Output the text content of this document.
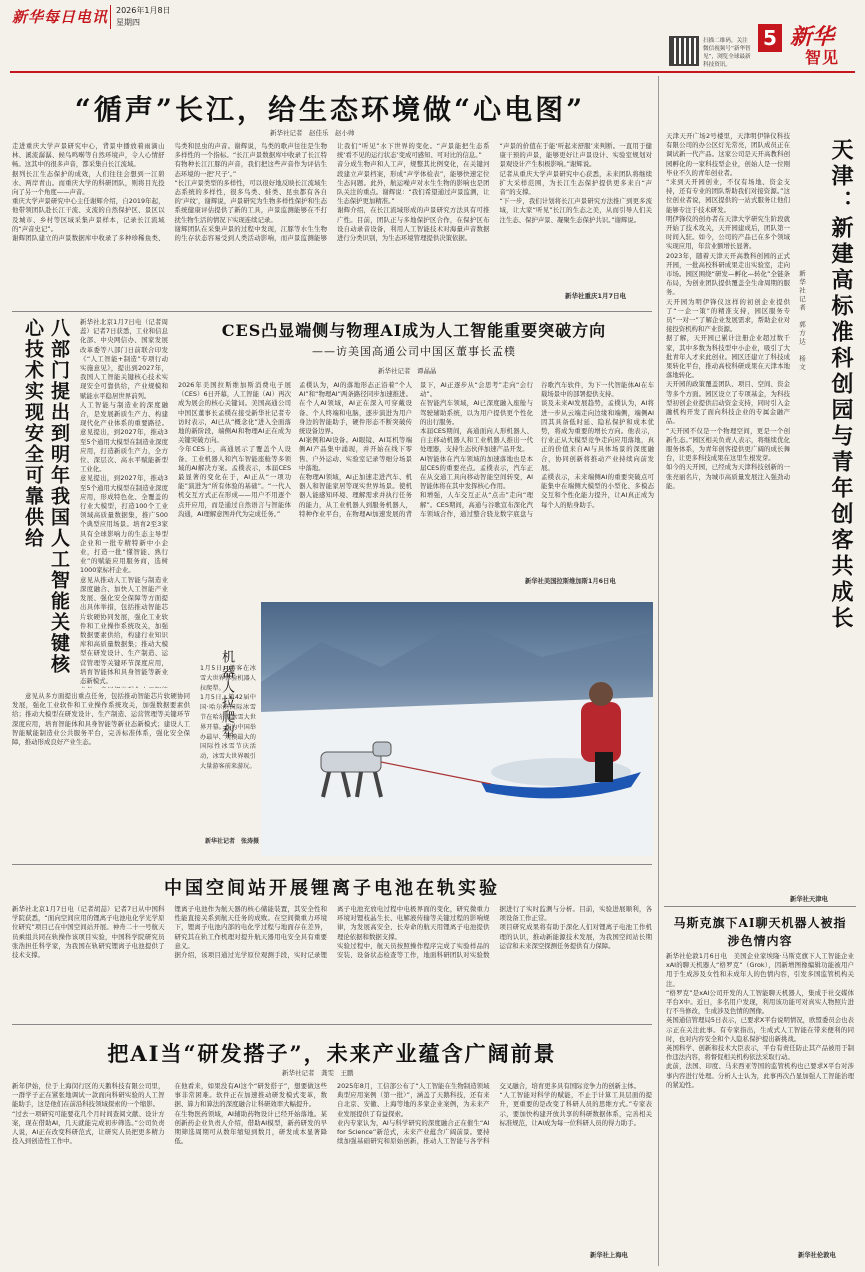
新华每日电讯 2026年1月8日
星期四
5 新华
智见
扫描二维码，关注微信视频号“新华智见”，浏览全球最新科技资讯。
“循声”长江，给生态环境做“心电图”
新华社记者　赵佳乐　赵小帅
走进重庆大学声景研究中心，背景中播放着雨滴山林、溪流潺潺、候鸟鸣啭等自然环境声，令人心情舒畅。这其中的很多声音，都采集自长江流域。
据列长江生态保护的成效，人们往往会想到一江碧水、两岸青山。而重庆大学的科研团队，则将目光投向了另一个角度——声音。
重庆大学声景研究中心主任谢辉介绍，自2019年起，他带领团队赴长江干流、支流的自然保护区、景区以及城市、乡村等区域采集声景样本，记录长江流域的“声音史记”。
谢辉团队建立的声景数据库中收录了多种珍稀鱼类、鸟类和昆虫的声音。谢辉说，鸟类的歌声往往是生物多样性的一个指标。“长江声景数据库中收录了长江特有物种长江江豚的声音，我们把这些声音作为评估生态环境的一把‘尺子’。”
“长江声景类型的多样性，可以很好地反映长江流域生态系统的多样性，很多鸟类、蛙类、昆虫都有各自的‘声纹’，谢辉说，声景研究为生物多样性保护和生态系统健康评估提供了新的工具，声景监测能够在不打扰生物生活的情况下实现连续记录。
谢辉团队在采集声景的过程中发现，江豚等水生生物的生存状态容易受到人类活动影响，而声景监测能够让我们“听见”水下世界的变化。“声景能把生态系统‘看不见的运行状态’变成可感知、可对比的信息。”
音分成生物声和人工声，规整其比例变化，在关键河段建立声景档案，形成“声学体检表”，能够快速定位生态问题。此外，航运噪声对水生生物的影响也是团队关注的重点。谢辉说：“我们希望通过声景监测，让生态保护更加精准。”
谢辉介绍，在长江流域形成的声景研究方法具有可推广性。目前，团队正与多地保护区合作，在保护区布设自动录音设备，利用人工智能技术对海量声音数据进行分类识别，为生态环境管理提供决策依据。
“声景的价值在于能‘听起来舒服’来判断。一直用于健康干预的声景，能够更好让声景设计、实验室规划对景观设计产生积极影响。”谢辉说。
记者从重庆大学声景研究中心获悉，未来团队将继续扩大采样范围，为长江生态保护提供更多来自“声音”的支撑。
“下一步，我们计划将长江声景研究方法推广到更多流域，让大家“听见”长江的生态之美，从而引导人们关注生态、保护声景、凝聚生态保护共识。”谢辉说。
新华社重庆1月7日电
八部门提出到明年我国人工智能关键核心技术实现安全可靠供给	新华社北京1月7日电（记者周蕊）记者7日获悉，工业和信息化部、中央网信办、国家发展改革委等八部门日前联合印发《“人工智能+制造”专项行动实施意见》，提出到2027年，我国人工智能关键核心技术实现安全可靠供给，产业规模和赋能水平稳居世界前列。
人工智能与制造业的深度融合，是发展新质生产力、构建现代化产业体系的重要路径。意见提出，到2027年，推动3至5个通用大模型在制造业深度应用，打造新质生产力，全方位、深层次、高水平赋能新型工业化。
意见提出，到2027年，推动3至5个通用大模型在制造业深度应用，形成特色化、全覆盖的行业大模型，打造100个工业领域高质量数据集，推广500个典型应用场景。培育2至3家具有全球影响力的生态主导型企业和一批专精特新中小企业，打造一批“懂智能、熟行业”的赋能应用服务商，选树1000家标杆企业。
意见从推动人工智能与制造业深度融合、加快人工智能产业发展、强化安全保障等方面提出具体举措，包括推动智能芯片软硬协同发展，强化工业软件和工业操作系统攻关，加强数据要素供给，构建行业知识库和高质量数据集；推动大模型在研发设计、生产制造、运营管理等关键环节深度应用，培育智能体和具身智能等新业态新模式。

意见从多方面提出重点任务，包括推动智能芯片软硬协同发展，强化工业软件和工业操作系统攻关，加强数据要素供给；推动大模型在研发设计、生产制造、运营管理等关键环节深度应用，培育智能体和具身智能等新业态新模式；建设人工智能赋能制造业公共服务平台，完善标准体系，强化安全保障，推动形成良好产业生态。

CES凸显端侧与物理AI成为人工智能重要突破方向
——访美国高通公司中国区董事长孟樸
新华社记者　谭晶晶
2026年美国拉斯维加斯消费电子展（CES）6日开幕，人工智能（AI）再次成为展会的核心关键词。美国高通公司中国区董事长孟樸在接受新华社记者专访时表示，AI已从“概念化”进入全面落地的新阶段，端侧AI和物理AI正在成为关键突破方向。
今年CES上，高通展示了覆盖个人设备、工业机器人和汽车智能座舱等多领域的AI解决方案。孟樸表示，本届CES最显著的变化在于，AI正从“一项功能”演进为“所有体验的基础”。“一代人机交互方式正在形成——用户不用逐个点开应用，而是通过自然语言与智能体沟通，AI理解意图并代为完成任务。”
孟樸认为，AI的落地形态正沿着“个人AI”和“物理AI”两条路径同步加速推进。在个人AI领域，AI正在深入可穿戴设备、个人终端和电脑，逐步演进为用户身边的智能助手，硬件形态不断突破传统设备边界。
AI案例和AI设备。AI眼镜、AI耳机等端侧AI产品集中涌现，并开始在线下零售、户外运动、实验室记录等细分场景中落地。
在物理AI领域，AI正加速走进汽车、机器人和智能家居等现实世界场景。使机器人能感知环境、理解需求并执行任务的能力，从工业机器人到服务机器人，特种作业平台，在物理AI加速发展的背景下，AI正逐步从“会思考”走向“会行动”。
在智能汽车领域，AI已深度融入座舱与驾驶辅助系统，以为用户提供更个性化的出行服务。
本届CES期间，高通面向人形机器人、自主移动机器人和工业机器人推出一代处理器，支持生态伙伴加速产品开发。
AI智能体在汽车领域的加速落地也是本届CES的重要亮点。孟樸表示，汽车正在从交通工具向移动智能空间转变，AI智能体将在其中发挥核心作用。
和增强，人车交互正从“点击”走向“理解”。CES期间，高通与谷歌宣布深化汽车领域合作，通过整合骁龙数字底盘与谷歌汽车软件，为下一代智能体AI在车载场景中的部署提供支持。
谈及未来AI发展趋势，孟樸认为，AI将进一步从云端走向边缘和端侧，端侧AI因其具备低时延、隐私保护和成本优势，将成为重要的增长方向。他表示，行业正从大模型竞争走向应用落地，真正的价值来自AI与具体场景的深度融合，协同创新将推动产业持续向前发展。
孟樸表示，未来端侧AI的重要突破点可能集中在端侧大模型的小型化、多模态交互和个性化能力提升，让AI真正成为每个人的贴身助手。
新华社美国拉斯维加斯1月6日电
机器人拉爬犁
1月5日，游客在冰雪大世界体验机器人拉爬犁。
1月5日，第42届中国·哈尔滨国际冰雪节在哈尔滨冰雪大世界开幕。作为中国举办最早、规模最大的国际性冰雪节庆活动，冰雪大世界吸引大量游客前来游玩。
新华社记者　张涛摄
中国空间站开展锂离子电池在轨实验
新华社北京1月7日电（记者胡喆）记者7日从中国科学院获悉，“面向空间应用的锂离子电池电化学光学原位研究”项目已在中国空间站开展。神舟二十一号航天员乘组共同在轨操作该项目实验，中国科学院研究员张浩担任科学家，为我国在轨研究锂离子电池提供了技术支撑。
锂离子电池作为航天器的核心储能装置，其安全性和性能直接关系到航天任务的成败。在空间微重力环境下，锂离子电池内部的电化学过程与地面存在差异，研究其在轨工作机理对提升航天器用电安全具有重要意义。
据介绍，该项目通过光学原位观测手段，实时记录锂离子电池充放电过程中电极界面的变化，研究微重力环境对锂枝晶生长、电解液传输等关键过程的影响规律，为发展高安全、长寿命的航天用锂离子电池提供理论依据和数据支撑。
实验过程中，航天员按照操作程序完成了实验样品的安装、设备状态检查等工作，地面科研团队对实验数据进行了实时监测与分析。目前，实验进展顺利，各项设备工作正常。
项目研究成果将有助于深化人们对锂离子电池工作机理的认识，推动新能源技术发展，为我国空间站长期运营和未来深空探测任务提供有力保障。
把AI当“研发搭子”，未来产业蕴含广阔前景
新华社记者　龚雯　王鹏
新年伊始，位于上海闵行区的天鹅科技有限公司里，一群学子正在紧张地调试一款面向科研实验的人工智能助手，这是他们在前沿科技领域探索的一个缩影。
“过去一项研究可能要花几个月时间查阅文献、设计方案，现在借助AI，几天就能完成初步筛选。”公司负责人说，AI正在改变科研范式，让研究人员把更多精力投入到创造性工作中。
在他看来，如果没有AI这个“研发搭子”，想要做这些事非常困难。软件正在加速推动研发模式变革，数据、算力和算法的深度融合让科研效率大幅提升。
在生物医药领域，AI辅助药物设计已经开始落地。某创新药企业负责人介绍，借助AI模型，新药研发的早期筛选周期可从数年缩短到数月，研发成本显著降低。
2025年8月，工信部公布了“人工智能在生物制造领域典型应用案例（第一批）”，涵盖了天鹅科技，还有来自北京、安徽、上海等地的多家企业案例，为未来产业发展提供了有益探索。
业内专家认为，AI与科学研究的深度融合正在催生“AI for Science”新范式，未来产业蕴含广阔前景。要持续加强基础研究和原始创新，推动人工智能与各学科交叉融合，培育更多具有国际竞争力的创新主体。
“人工智能对科学的赋能，不止于计算工具层面的提升，更重要的是改变了科研人员的思维方式。”专家表示，要加快构建开放共享的科研数据体系，完善相关标准规范，让AI成为每一位科研人员的得力助手。
新华社上海电
天津：新建高标准科创园与青年创客共成长
新华社记者　郭方达　杨文
天津天开广场2号楼里，天津明伊锋仪科技有限公司的办公区灯光常亮，团队成员正在调试新一代产品。这家公司是天开高教科创园孵化的一家科技型企业，创始人是一位刚毕业不久的青年创业者。
“来到天开园创业，不仅有场地、资金支持，还有专业的团队帮助我们对接资源。”这位创业者说，园区提供的一站式服务让他们能够专注于技术研发。
明伊锋仪的创办者在天津大学研究生阶段就开始了技术攻关，天开园建成后，团队第一时间入驻。如今，公司的产品已在多个领域实现应用，年营业额增长显著。
2023年，随着天津天开高教科创园的正式开园，一批高校科研成果走出实验室，走向市场。园区围绕“研发—孵化—转化”全链条布局，为创业团队提供覆盖全生命周期的服务。
天开园为明伊锋仪这样的初创企业提供了“一企一策”的精准支持，园区服务专员“一对一”了解企业发展需求，帮助企业对接投资机构和产业资源。
据了解，天开园已累计注册企业超过数千家，其中多数为科技型中小企业，吸引了大批青年人才来此创业。园区还建立了科技成果转化平台，推动高校科研成果在天津本地落地转化。
天开园的政策覆盖团队、项目、空间、资金等多个方面。园区设立了专项基金，为科技型初创企业提供启动资金支持，同时引入金融机构开发了面向科技企业的专属金融产品。
“天开园不仅是一个物理空间，更是一个创新生态。”园区相关负责人表示，将继续优化服务体系，为青年创客提供更广阔的成长舞台，让更多科技成果在这里生根发芽。
如今的天开园，已经成为天津科技创新的一张亮丽名片，为城市高质量发展注入强劲动能。
新华社天津电
马斯克旗下AI聊天机器人被指涉色情内容
新华社伦敦1月6日电　美国企业家埃隆·马斯克旗下人工智能企业xAI的聊天机器人“格罗克”（Grok），因新增图像编辑功能被用户用于生成涉及女性和未成年人的色情内容，引发多国监管机构关注。
“格罗克”是xAI公司开发的人工智能聊天机器人，集成于社交媒体平台X中。近日，多名用户发现，利用该功能可对真实人物照片进行不当修改，生成涉及色情的图像。
英国通信管理局5日表示，已要求X平台说明情况，欧盟委员会也表示正在关注此事。有专家指出，生成式人工智能在带来便利的同时，也对内容安全和个人隐私保护提出新挑战。
英国科学、创新和技术大臣表示，平台有责任防止其产品被用于制作违法内容，将督促相关机构依法采取行动。
此前，法国、印度、马来西亚等国的监管机构也已要求X平台对涉事内容进行处理。分析人士认为，此事再次凸显加强人工智能治理的紧迫性。
新华社伦敦电
